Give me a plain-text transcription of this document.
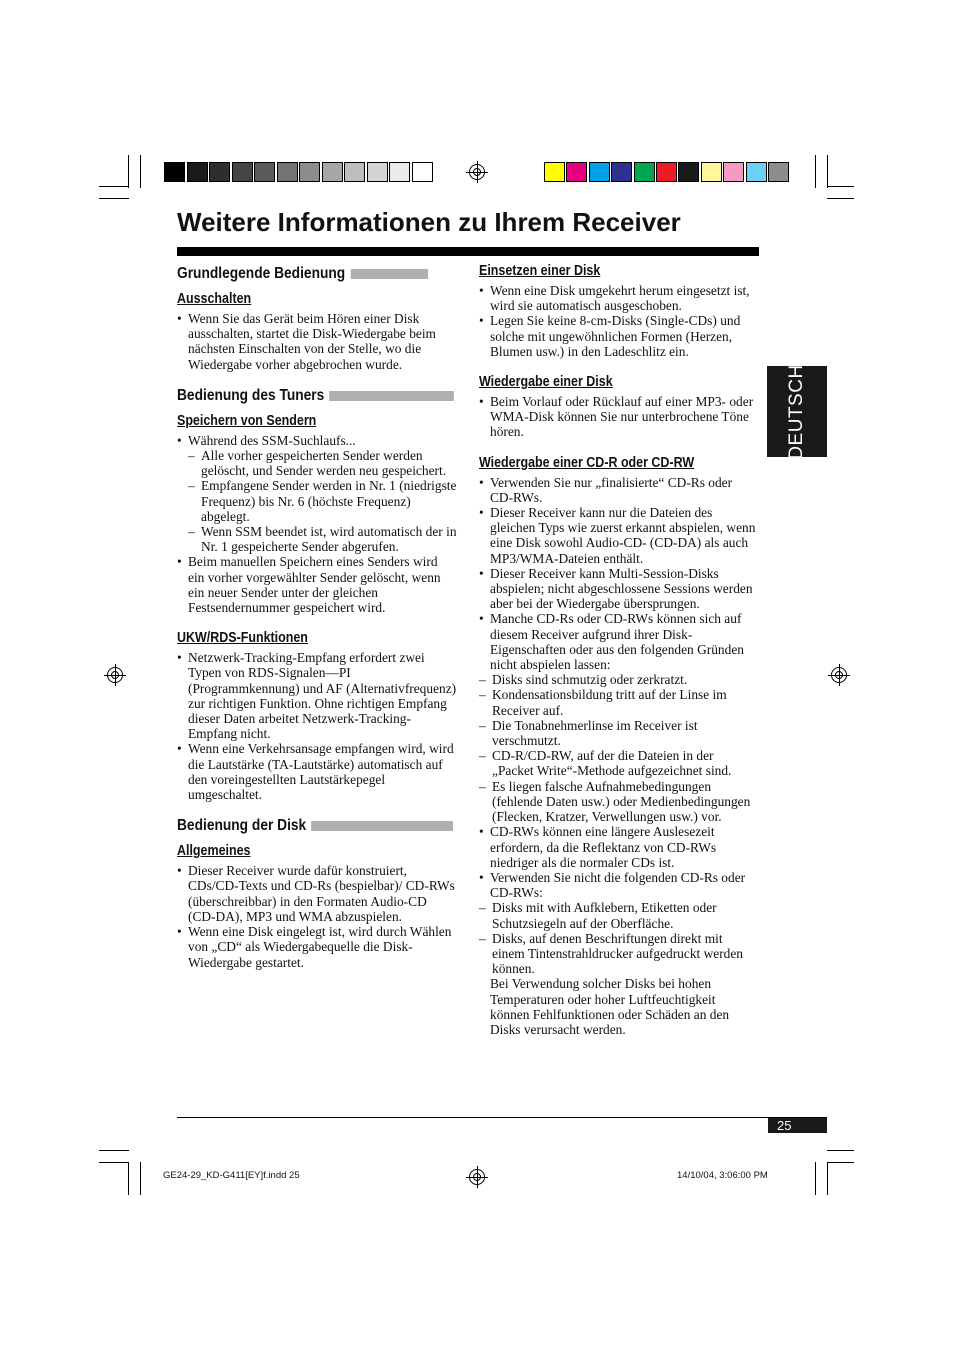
Weitere Informationen zu Ihrem Receiver
Grundlegende Bedienung
Ausschalten
• Wenn Sie das Gerät beim Hören einer Disk ausschalten, startet die Disk-Wiedergabe beim nächsten Einschalten von der Stelle, wo die Wiedergabe vorher abgebrochen wurde.
Bedienung des Tuners
Speichern von Sendern
• Während des SSM-Suchlaufs...
– Alle vorher gespeicherten Sender werden gelöscht, und Sender werden neu gespeichert.
– Empfangene Sender werden in Nr. 1 (niedrigste Frequenz) bis Nr. 6 (höchste Frequenz) abgelegt.
– Wenn SSM beendet ist, wird automatisch der in Nr. 1 gespeicherte Sender abgerufen.
• Beim manuellen Speichern eines Senders wird ein vorher vorgewählter Sender gelöscht, wenn ein neuer Sender unter der gleichen Festsendernummer gespeichert wird.
UKW/RDS-Funktionen
• Netzwerk-Tracking-Empfang erfordert zwei Typen von RDS-Signalen—PI (Programmkennung) und AF (Alternativfrequenz) zur richtigen Funktion. Ohne richtigen Empfang dieser Daten arbeitet Netzwerk-Tracking-Empfang nicht.
• Wenn eine Verkehrsansage empfangen wird, wird die Lautstärke (TA-Lautstärke) automatisch auf den voreingestellten Lautstärkepegel umgeschaltet.
Bedienung der Disk
Allgemeines
• Dieser Receiver wurde dafür konstruiert, CDs/CD-Texts und CD-Rs (bespielbar)/ CD-RWs (überschreibbar) in den Formaten Audio-CD (CD-DA), MP3 und WMA abzuspielen.
• Wenn eine Disk eingelegt ist, wird durch Wählen von „CD“ als Wiedergabequelle die Disk-Wiedergabe gestartet.
Einsetzen einer Disk
• Wenn eine Disk umgekehrt herum eingesetzt ist, wird sie automatisch ausgeschoben.
• Legen Sie keine 8-cm-Disks (Single-CDs) und solche mit ungewöhnlichen Formen (Herzen, Blumen usw.) in den Ladeschlitz ein.
Wiedergabe einer Disk
• Beim Vorlauf oder Rücklauf auf einer MP3- oder WMA-Disk können Sie nur unterbrochene Töne hören.
Wiedergabe einer CD-R oder CD-RW
• Verwenden Sie nur „finalisierte“ CD-Rs oder CD-RWs.
• Dieser Receiver kann nur die Dateien des gleichen Typs wie zuerst erkannt abspielen, wenn eine Disk sowohl Audio-CD- (CD-DA) als auch MP3/WMA-Dateien enthält.
• Dieser Receiver kann Multi-Session-Disks abspielen; nicht abgeschlossene Sessions werden aber bei der Wiedergabe übersprungen.
• Manche CD-Rs oder CD-RWs können sich auf diesem Receiver aufgrund ihrer Disk-Eigenschaften oder aus den folgenden Gründen nicht abspielen lassen:
– Disks sind schmutzig oder zerkratzt.
– Kondensationsbildung tritt auf der Linse im Receiver auf.
– Die Tonabnehmerlinse im Receiver ist verschmutzt.
– CD-R/CD-RW, auf der die Dateien in der „Packet Write“-Methode aufgezeichnet sind.
– Es liegen falsche Aufnahmebedingungen (fehlende Daten usw.) oder Medienbedingungen (Flecken, Kratzer, Verwellungen usw.) vor.
• CD-RWs können eine längere Auslesezeit erfordern, da die Reflektanz von CD-RWs niedriger als die normaler CDs ist.
• Verwenden Sie nicht die folgenden CD-Rs oder CD-RWs:
– Disks mit with Aufklebern, Etiketten oder Schutzsiegeln auf der Oberfläche.
– Disks, auf denen Beschriftungen direkt mit einem Tintenstrahldrucker aufgedruckt werden können.
Bei Verwendung solcher Disks bei hohen Temperaturen oder hoher Luftfeuchtigkeit können Fehlfunktionen oder Schäden an den Disks verursacht werden.
DEUTSCH
25
GE24-29_KD-G411[EY]f.indd 25	14/10/04, 3:06:00 PM
